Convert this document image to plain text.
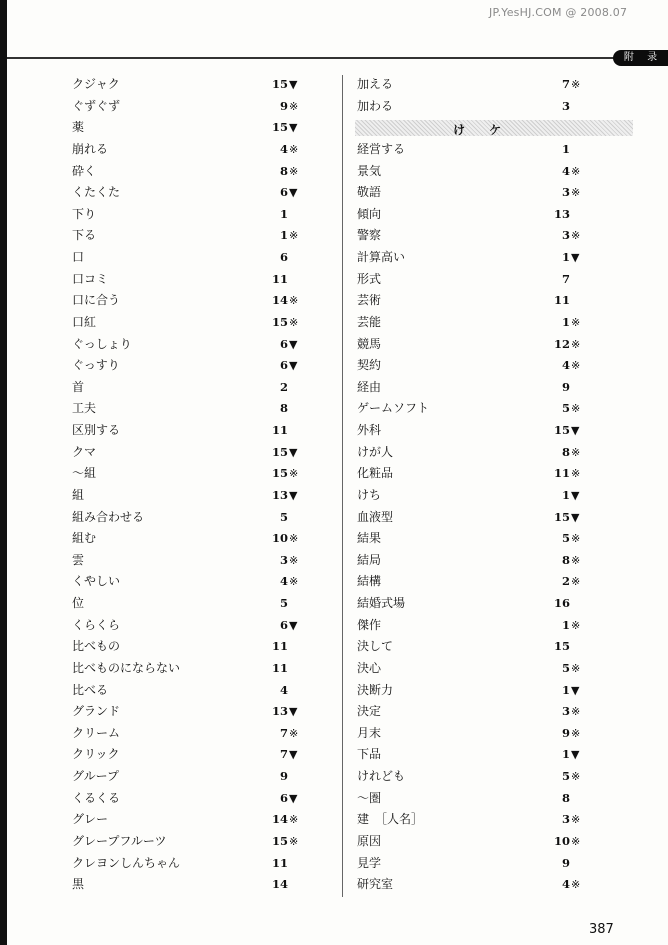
JP.YesHJ.COM @ 2008.07
附 录
クジャク	15 ▼
ぐずぐず	9 ※
薬	15 ▼
崩れる	4 ※
砕く	8 ※
くたくた	6 ▼
下り	1
下る	1 ※
口	6
口コミ	11
口に合う	14 ※
口紅	15 ※
ぐっしょり	6 ▼
ぐっすり	6 ▼
首	2
工夫	8
区別する	11
クマ	15 ▼
～組	15 ※
組	13 ▼
組み合わせる	5
組む	10 ※
雲	3 ※
くやしい	4 ※
位	5
くらくら	6 ▼
比べもの	11
比べものにならない	11
比べる	4
グランド	13 ▼
クリーム	7 ※
クリック	7 ▼
グループ	9
くるくる	6 ▼
グレー	14 ※
グレープフルーツ	15 ※
クレヨンしんちゃん	11
黒	14
加える	7 ※
加わる	3
け ケ
経営する	1
景気	4 ※
敬語	3 ※
傾向	13
警察	3 ※
計算高い	1 ▼
形式	7
芸術	11
芸能	1 ※
競馬	12 ※
契約	4 ※
経由	9
ゲームソフト	5 ※
外科	15 ▼
けが人	8 ※
化粧品	11 ※
けち	1 ▼
血液型	15 ▼
結果	5 ※
結局	8 ※
結構	2 ※
結婚式場	16
傑作	1 ※
決して	15
決心	5 ※
決断力	1 ▼
決定	3 ※
月末	9 ※
下品	1 ▼
けれども	5 ※
～圏	8
建　［人名］	3 ※
原因	10 ※
見学	9
研究室	4 ※
387
